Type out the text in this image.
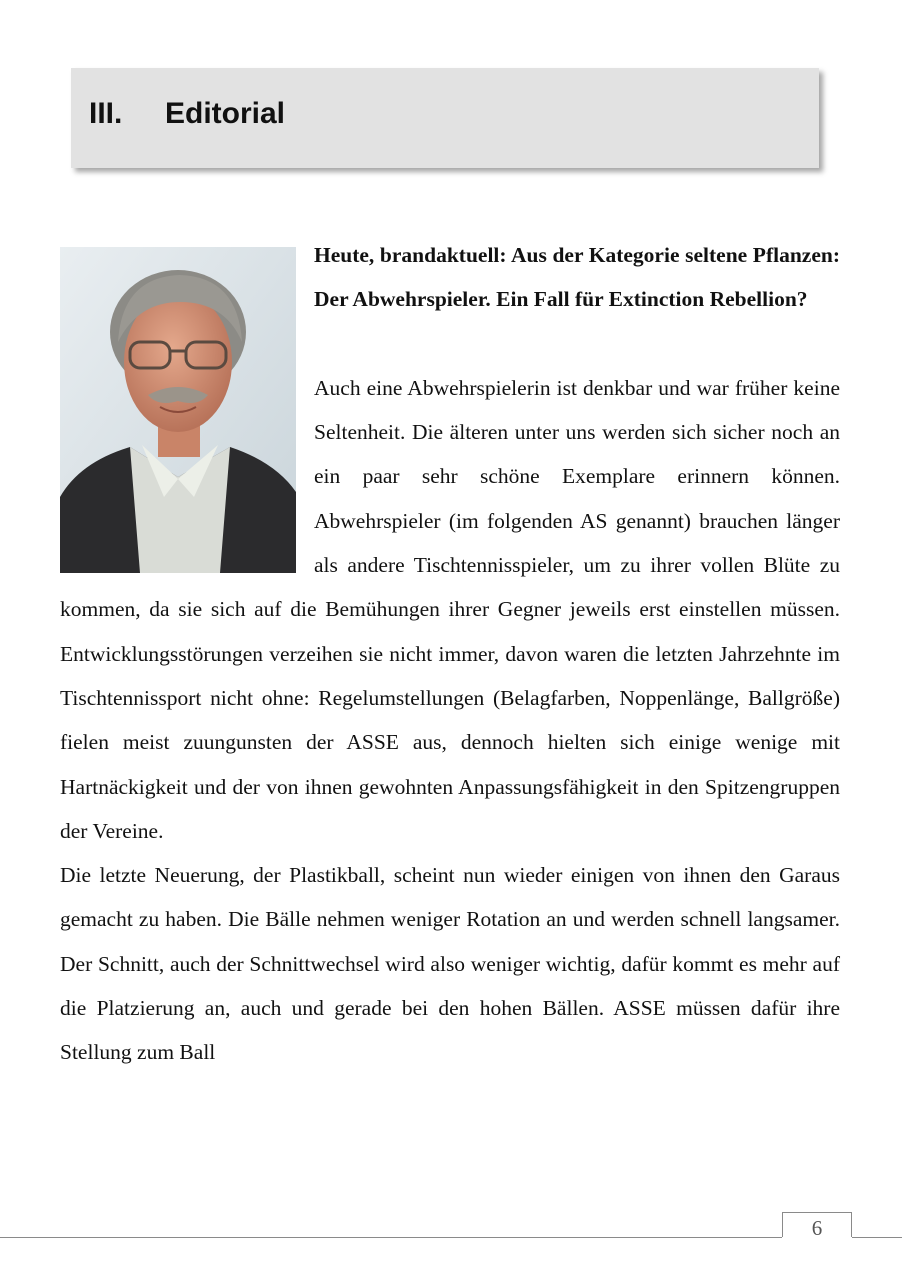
III. Editorial

Heute, brandaktuell: Aus der Kategorie seltene Pflanzen: Der Abwehrspieler. Ein Fall für Extinction Rebellion?

Auch eine Abwehrspielerin ist denkbar und war früher keine Seltenheit. Die älteren unter uns werden sich sicher noch an ein paar sehr schöne Exemplare erinnern können. Abwehrspieler (im folgenden AS genannt) brauchen länger als andere Tischtennisspieler, um zu ihrer vollen Blüte zu kommen, da sie sich auf die Bemühungen ihrer Gegner jeweils erst einstellen müssen. Entwicklungsstörungen verzeihen sie nicht immer, davon waren die letzten Jahrzehnte im Tischtennissport nicht ohne: Regelumstellungen (Belagfarben, Noppenlänge, Ballgröße) fielen meist zuungunsten der ASSE aus, dennoch hielten sich einige wenige mit Hartnäckigkeit und der von ihnen gewohnten Anpassungsfähigkeit in den Spitzengruppen der Vereine.

Die letzte Neuerung, der Plastikball, scheint nun wieder einigen von ihnen den Garaus gemacht zu haben. Die Bälle nehmen weniger Rotation an und werden schnell langsamer. Der Schnitt, auch der Schnittwechsel wird also weniger wichtig, dafür kommt es mehr auf die Platzierung an, auch und gerade bei den hohen Bällen. ASSE müssen dafür ihre Stellung zum Ball

6
